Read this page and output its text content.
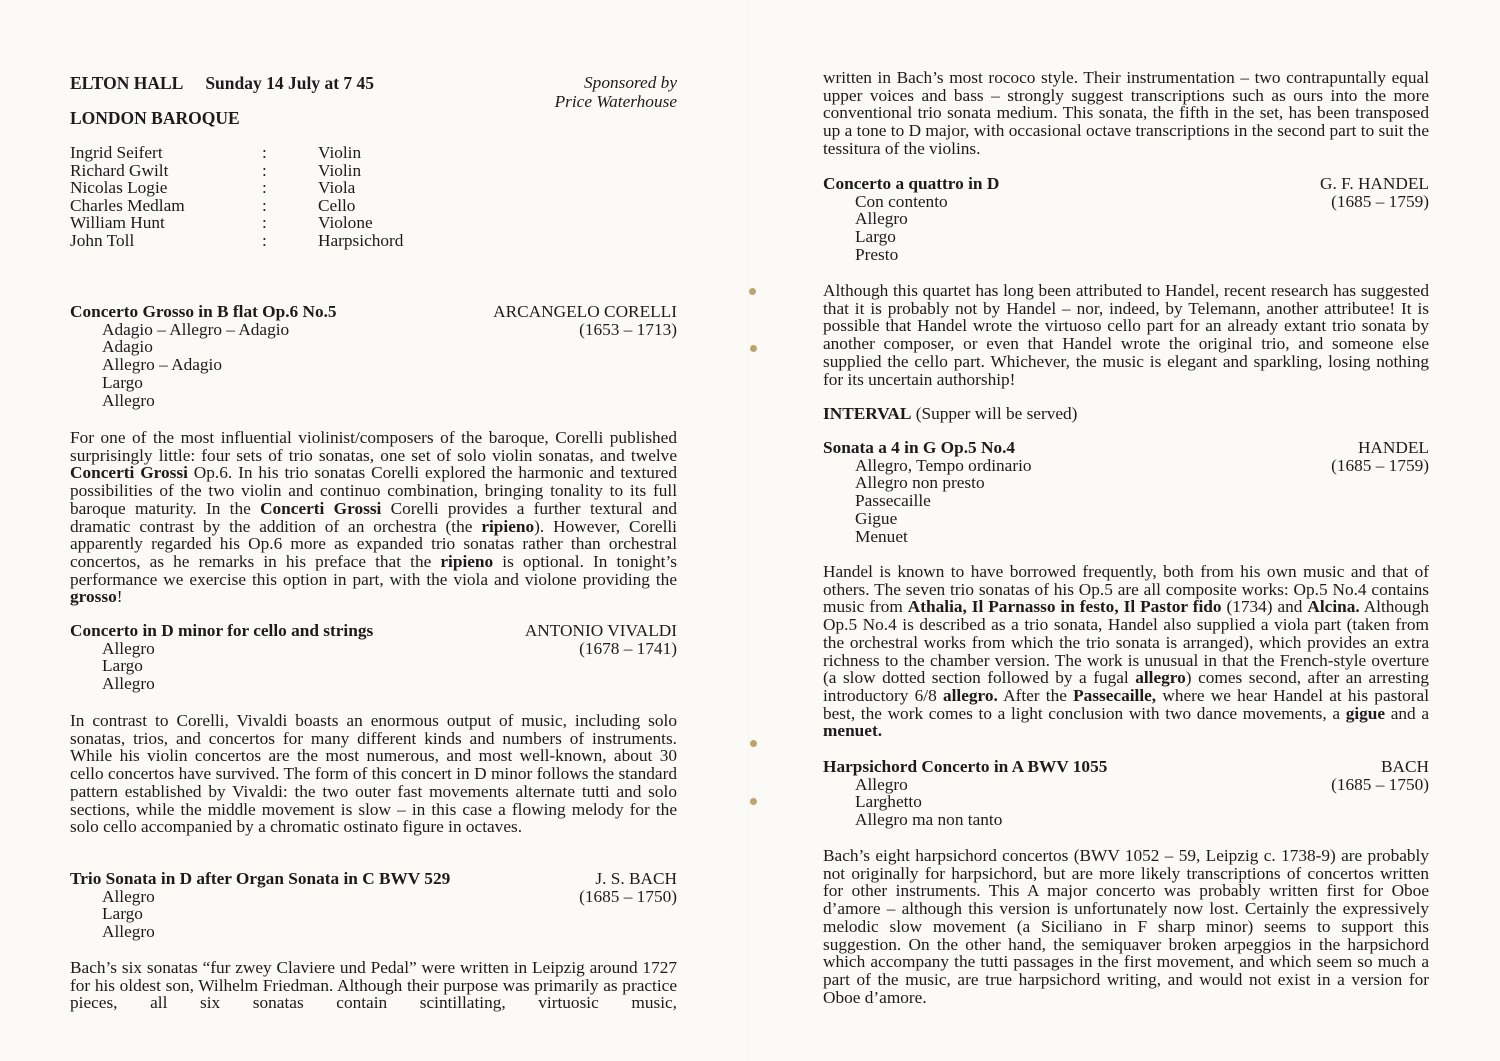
ELTON HALL Sunday 14 July at 7 45	Sponsored by
Price Waterhouse
LONDON BAROQUE
Ingrid Seifert	:	Violin
Richard Gwilt	:	Violin
Nicolas Logie	:	Viola
Charles Medlam	:	Cello
William Hunt	:	Violone
John Toll	:	Harpsichord
Concerto Grosso in B flat Op.6 No.5	ARCANGELO CORELLI
(1653 – 1713)
Adagio – Allegro – Adagio
Adagio
Allegro – Adagio
Largo
Allegro

For one of the most influential violinist/composers of the baroque, Corelli published surprisingly little: four sets of trio sonatas, one set of solo violin sonatas, and twelve Concerti Grossi Op.6. In his trio sonatas Corelli explored the harmonic and textured possibilities of the two violin and continuo combination, bringing tonality to its full baroque maturity. In the Concerti Grossi Corelli provides a further textural and dramatic contrast by the addition of an orchestra (the ripieno). However, Corelli apparently regarded his Op.6 more as expanded trio sonatas rather than orchestral concertos, as he remarks in his preface that the ripieno is optional. In tonight’s performance we exercise this option in part, with the viola and violone providing the grosso!

Concerto in D minor for cello and strings	ANTONIO VIVALDI
(1678 – 1741)
Allegro
Largo
Allegro

In contrast to Corelli, Vivaldi boasts an enormous output of music, including solo sonatas, trios, and concertos for many different kinds and numbers of instruments. While his violin concertos are the most numerous, and most well-known, about 30 cello concertos have survived. The form of this concert in D minor follows the standard pattern established by Vivaldi: the two outer fast movements alternate tutti and solo sections, while the middle movement is slow – in this case a flowing melody for the solo cello accompanied by a chromatic ostinato figure in octaves.

Trio Sonata in D after Organ Sonata in C BWV 529	J. S. BACH
(1685 – 1750)
Allegro
Largo
Allegro

Bach’s six sonatas “fur zwey Claviere und Pedal” were written in Leipzig around 1727 for his oldest son, Wilhelm Friedman. Although their purpose was primarily as practice pieces, all six sonatas contain scintillating, virtuosic music,

written in Bach’s most rococo style. Their instrumentation – two contrapuntally equal upper voices and bass – strongly suggest transcriptions such as ours into the more conventional trio sonata medium. This sonata, the fifth in the set, has been transposed up a tone to D major, with occasional octave transcriptions in the second part to suit the tessitura of the violins.

Concerto a quattro in D	G. F. HANDEL
(1685 – 1759)
Con contento
Allegro
Largo
Presto

Although this quartet has long been attributed to Handel, recent research has suggested that it is probably not by Handel – nor, indeed, by Telemann, another attributee! It is possible that Handel wrote the virtuoso cello part for an already extant trio sonata by another composer, or even that Handel wrote the original trio, and someone else supplied the cello part. Whichever, the music is elegant and sparkling, losing nothing for its uncertain authorship!

INTERVAL (Supper will be served)
Sonata a 4 in G Op.5 No.4	HANDEL
(1685 – 1759)
Allegro, Tempo ordinario
Allegro non presto
Passecaille
Gigue
Menuet

Handel is known to have borrowed frequently, both from his own music and that of others. The seven trio sonatas of his Op.5 are all composite works: Op.5 No.4 contains music from Athalia, Il Parnasso in festo, Il Pastor fido (1734) and Alcina. Although Op.5 No.4 is described as a trio sonata, Handel also supplied a viola part (taken from the orchestral works from which the trio sonata is arranged), which provides an extra richness to the chamber version. The work is unusual in that the French-style overture (a slow dotted section followed by a fugal allegro) comes second, after an arresting introductory 6/8 allegro. After the Passecaille, where we hear Handel at his pastoral best, the work comes to a light conclusion with two dance movements, a gigue and a menuet.

Harpsichord Concerto in A BWV 1055	BACH
(1685 – 1750)
Allegro
Larghetto
Allegro ma non tanto

Bach’s eight harpsichord concertos (BWV 1052 – 59, Leipzig c. 1738-9) are probably not originally for harpsichord, but are more likely transcriptions of concertos written for other instruments. This A major concerto was probably written first for Oboe d’amore – although this version is unfortunately now lost. Certainly the expressively melodic slow movement (a Siciliano in F sharp minor) seems to support this suggestion. On the other hand, the semiquaver broken arpeggios in the harpsichord which accompany the tutti passages in the first movement, and which seem so much a part of the music, are true harpsichord writing, and would not exist in a version for Oboe d’amore.
